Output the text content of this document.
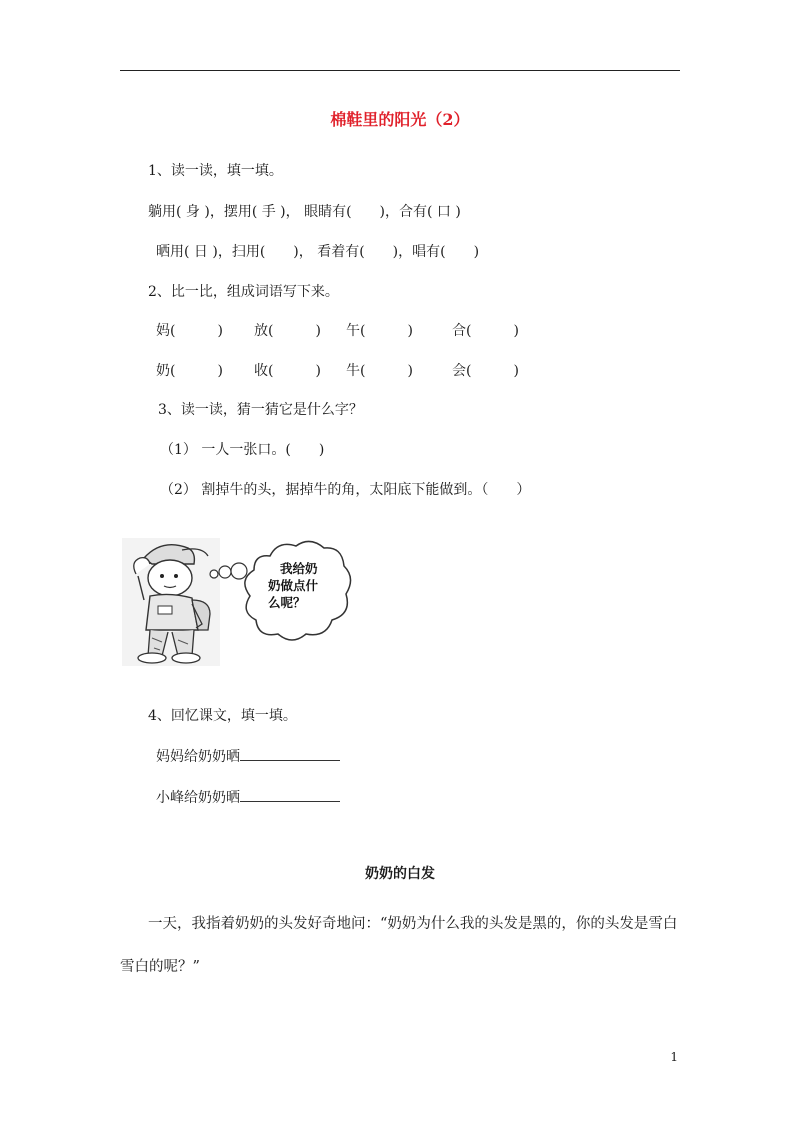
棉鞋里的阳光（2）
1、读一读，填一填。
躺用( 身 )，摆用( 手 )， 眼睛有(　　)，合有( 口 )
晒用( 日 )，扫用(　　)， 看着有(　　)，唱有(　　)
2、比一比，组成词语写下来。
妈(　　　) 放(　　　) 午(　　　)	合(　　　)
奶(　　　) 收(　　　) 牛(　　　)	会(　　　)
3、读一读，猜一猜它是什么字？
（1） 一人一张口。(　　)
（2） 割掉牛的头，据掉牛的角，太阳底下能做到。（　　）
我给奶
奶做点什
么呢？
4、回忆课文，填一填。
妈妈给奶奶晒
小峰给奶奶晒
奶奶的白发
一天，我指着奶奶的头发好奇地问：“奶奶为什么我的头发是黑的，你的头发是雪白
雪白的呢？”
1
